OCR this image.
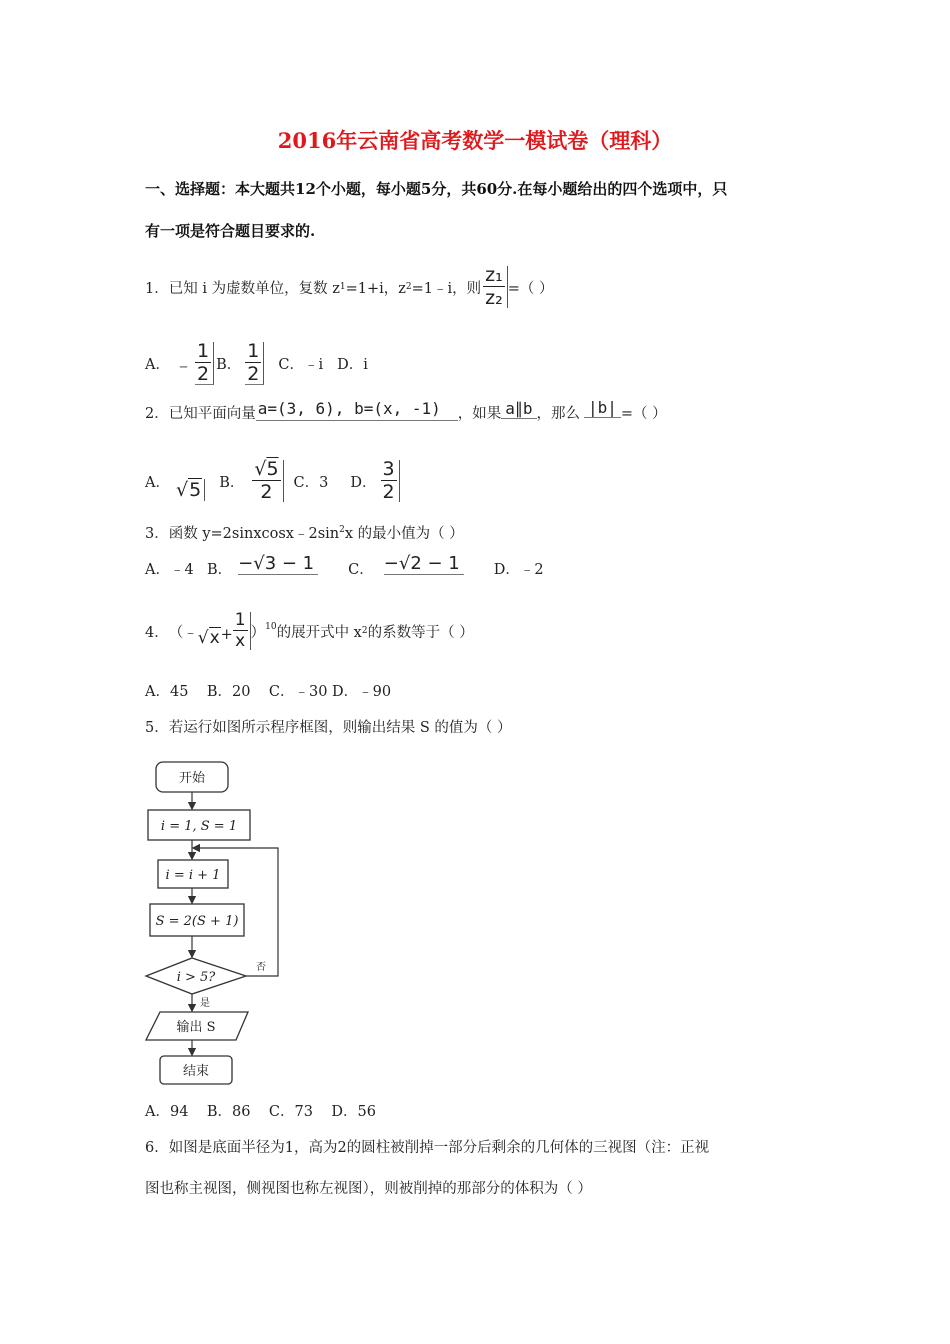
2016年云南省高考数学一模试卷（理科）
一、选择题：本大题共12个小题，每小题5分，共60分.在每小题给出的四个选项中，只
有一项是符合题目要求的.
1．已知 i 为虚数单位，复数 z 1 =1+i，z 2 =1﹣i，则 $\frac{\text{z₁}}{\text{z₂}}$ =（ ）
A． ﹣ $\frac{1}{2}$ B． $\frac{1}{2}$ C．﹣i D．i
2．已知平面向量 a=(3, 6), b=(x, -1)	，如果 a∥b ，那么 |b| =（ ）
A． √5 B． $\frac{√5}{2}$ C．3 D． $\frac{3}{2}$
3．函数 $y=2sinxcosx﹣2\sin^2x$ 的最小值为（ ）
A．﹣4 B． −√3 − 1 C． −√2 − 1 D．﹣2
4． （﹣ $√x + \frac{1}{x} )^{10}$ 的展开式中 x 2 的系数等于（ ）
A．45    B．20    C．﹣30 D．﹣90
5．若运行如图所示程序框图，则输出结果 S 的值为（ ）
开始
i = 1, S = 1
i = i + 1
S = 2(S + 1)
i > 5?
否
是
输出 S
结束
A．94    B．86    C．73    D．56
6．如图是底面半径为1，高为2的圆柱被削掉一部分后剩余的几何体的三视图（注：正视
图也称主视图，侧视图也称左视图），则被削掉的那部分的体积为（ ）
